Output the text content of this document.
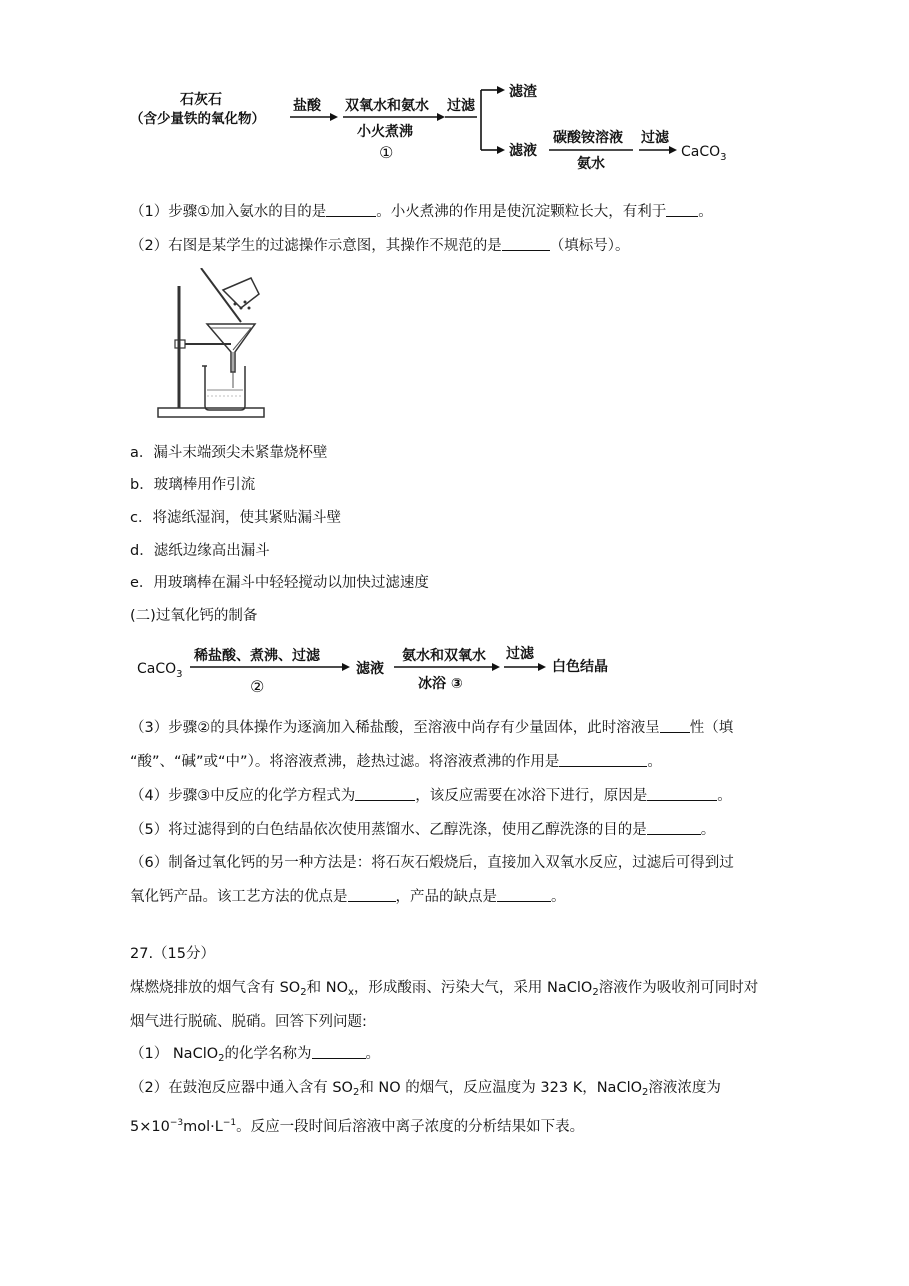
石灰石
（含少量铁的氧化物）
盐酸 双氧水和氨水
小火煮沸
①
过滤
滤渣
滤液
碳酸铵溶液
氨水
过滤
CaCO$_3$
（1）步骤①加入氨水的目的是	。小火煮沸的作用是使沉淀颗粒长大，有利于 。
（2）右图是某学生的过滤操作示意图，其操作不规范的是	（填标号）。
a．漏斗末端颈尖未紧靠烧杯壁
b．玻璃棒用作引流
c．将滤纸湿润，使其紧贴漏斗壁
d．滤纸边缘高出漏斗
e．用玻璃棒在漏斗中轻轻搅动以加快过滤速度
(二)过氧化钙的制备
CaCO$_3$
稀盐酸、煮沸、过滤
②
滤液
氨水和双氧水
冰浴 ③
过滤
白色结晶
（3）步骤②的具体操作为逐滴加入稀盐酸，至溶液中尚存有少量固体，此时溶液呈 性（填
“酸”、“碱”或“中”）。将溶液煮沸，趁热过滤。将溶液煮沸的作用是	。
（4）步骤③中反应的化学方程式为	，该反应需要在冰浴下进行，原因是	。
（5）将过滤得到的白色结晶依次使用蒸馏水、乙醇洗涤，使用乙醇洗涤的目的是	。
（6）制备过氧化钙的另一种方法是：将石灰石煅烧后，直接加入双氧水反应，过滤后可得到过
氧化钙产品。该工艺方法的优点是	，产品的缺点是	。
27.（15分）
煤燃烧排放的烟气含有 $SO_2$和 $NO_x$，形成酸雨、污染大气，采用 NaClO$_2$溶液作为吸收剂可同时对
烟气进行脱硫、脱硝。回答下列问题:
（1） NaClO$_2$的化学名称为	。
（2）在鼓泡反应器中通入含有 $SO_2$和 NO 的烟气，反应温度为 323 K，NaClO$_2$溶液浓度为
$5\times 10^{-3}mol\cdot L^{-1}$。反应一段时间后溶液中离子浓度的分析结果如下表。
